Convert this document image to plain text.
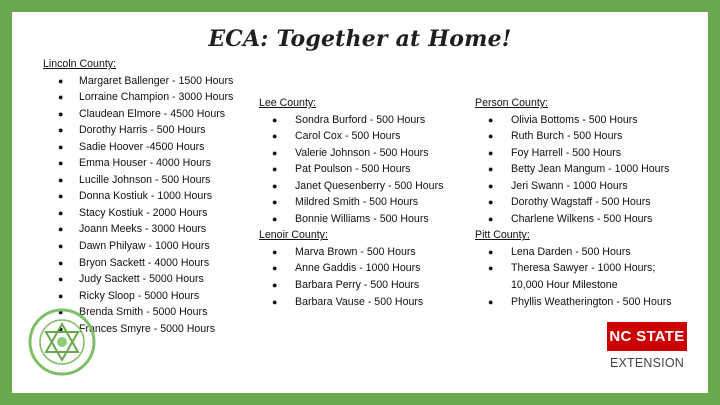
ECA: Together at Home!
Lincoln County:
● Margaret Ballenger - 1500 Hours
● Lorraine Champion - 3000 Hours
● Claudean Elmore - 4500 Hours
● Dorothy Harris - 500 Hours
● Sadie Hoover -4500 Hours
● Emma Houser - 4000 Hours
● Lucille Johnson - 500 Hours
● Donna Kostiuk - 1000 Hours
● Stacy Kostiuk - 2000 Hours
● Joann Meeks - 3000 Hours
● Dawn Philyaw - 1000 Hours
● Bryon Sackett - 4000 Hours
● Judy Sackett - 5000 Hours
● Ricky Sloop - 5000 Hours
● Brenda Smith - 5000 Hours
● Frances Smyre - 5000 Hours
Lee County:
● Sondra Burford - 500 Hours
● Carol Cox - 500 Hours
● Valerie Johnson - 500 Hours
● Pat Poulson - 500 Hours
● Janet Quesenberry - 500 Hours
● Mildred Smith - 500 Hours
● Bonnie Williams - 500 Hours
Lenoir County:
● Marva Brown - 500 Hours
● Anne Gaddis - 1000 Hours
● Barbara Perry - 500 Hours
● Barbara Vause - 500 Hours
Person County:
● Olivia Bottoms - 500 Hours
● Ruth Burch - 500 Hours
● Foy Harrell - 500 Hours
● Betty Jean Mangum - 1000 Hours
● Jeri Swann - 1000 Hours
● Dorothy Wagstaff - 500 Hours
● Charlene Wilkens - 500 Hours
Pitt County:
● Lena Darden - 500 Hours
● Theresa Sawyer - 1000 Hours;
10,000 Hour Milestone
● Phyllis Weatherington - 500 Hours
NC STATE
EXTENSION
